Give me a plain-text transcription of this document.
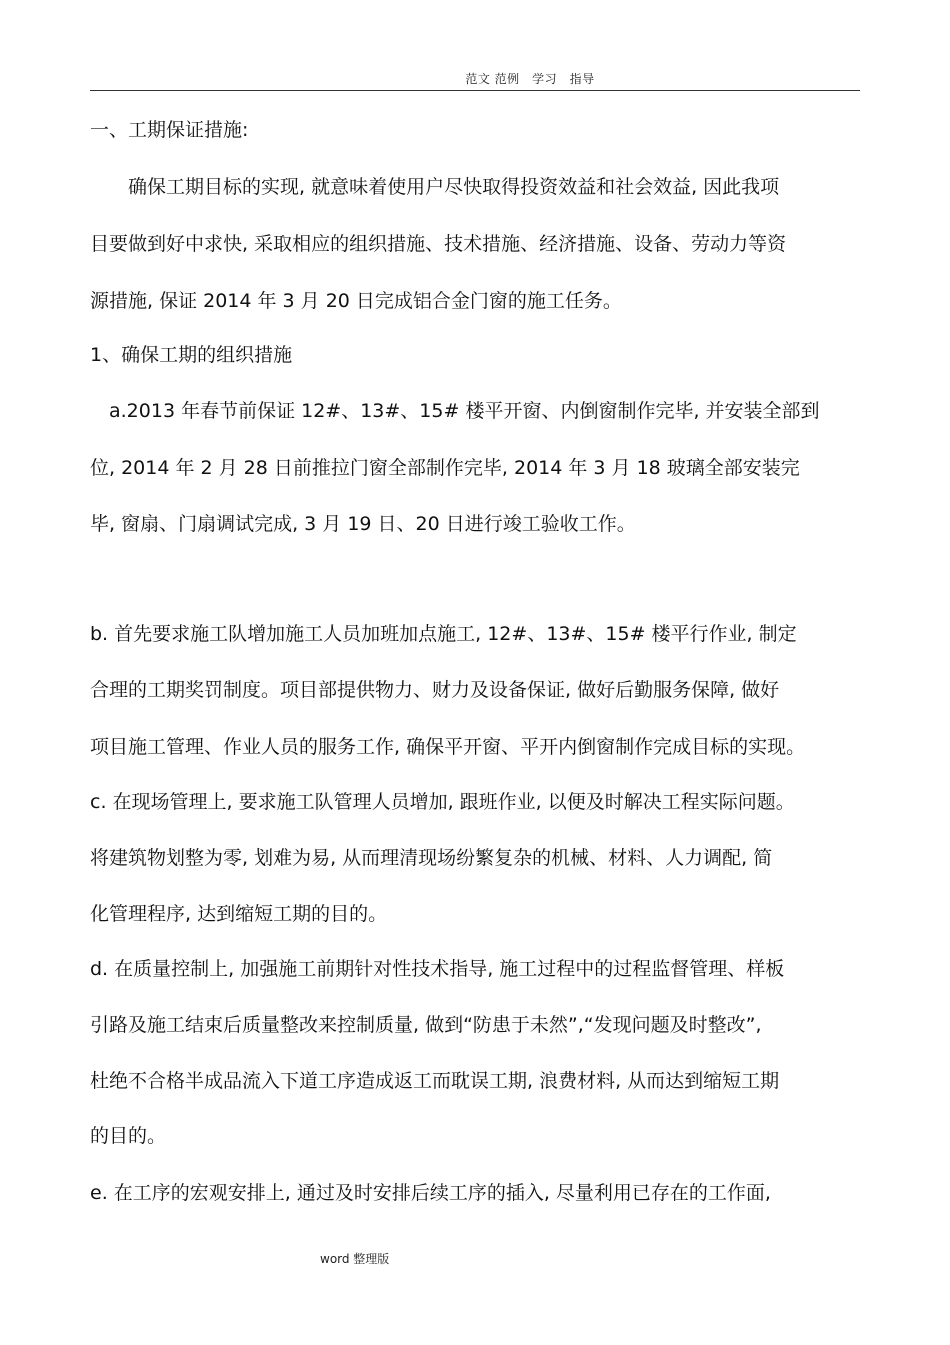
范文 范例　学习　指导
一、工期保证措施:
　　确保工期目标的实现, 就意味着使用户尽快取得投资效益和社会效益, 因此我项
目要做到好中求快, 采取相应的组织措施、技术措施、经济措施、设备、劳动力等资
源措施, 保证 2014 年 3 月 20 日完成铝合金门窗的施工任务。
1、确保工期的组织措施
　a.2013 年春节前保证 12#、13#、15# 楼平开窗、内倒窗制作完毕, 并安装全部到
位, 2014 年 2 月 28 日前推拉门窗全部制作完毕, 2014 年 3 月 18 玻璃全部安装完
毕, 窗扇、门扇调试完成, 3 月 19 日、20 日进行竣工验收工作。
b. 首先要求施工队增加施工人员加班加点施工, 12#、13#、15# 楼平行作业, 制定
合理的工期奖罚制度。项目部提供物力、财力及设备保证, 做好后勤服务保障, 做好
项目施工管理、作业人员的服务工作, 确保平开窗、平开内倒窗制作完成目标的实现。
c. 在现场管理上, 要求施工队管理人员增加, 跟班作业, 以便及时解决工程实际问题。
将建筑物划整为零, 划难为易, 从而理清现场纷繁复杂的机械、材料、人力调配, 简
化管理程序, 达到缩短工期的目的。
d. 在质量控制上, 加强施工前期针对性技术指导, 施工过程中的过程监督管理、样板
引路及施工结束后质量整改来控制质量, 做到“防患于未然”,“发现问题及时整改”,
杜绝不合格半成品流入下道工序造成返工而耽误工期, 浪费材料, 从而达到缩短工期
的目的。
e. 在工序的宏观安排上, 通过及时安排后续工序的插入, 尽量利用已存在的工作面,
word 整理版
